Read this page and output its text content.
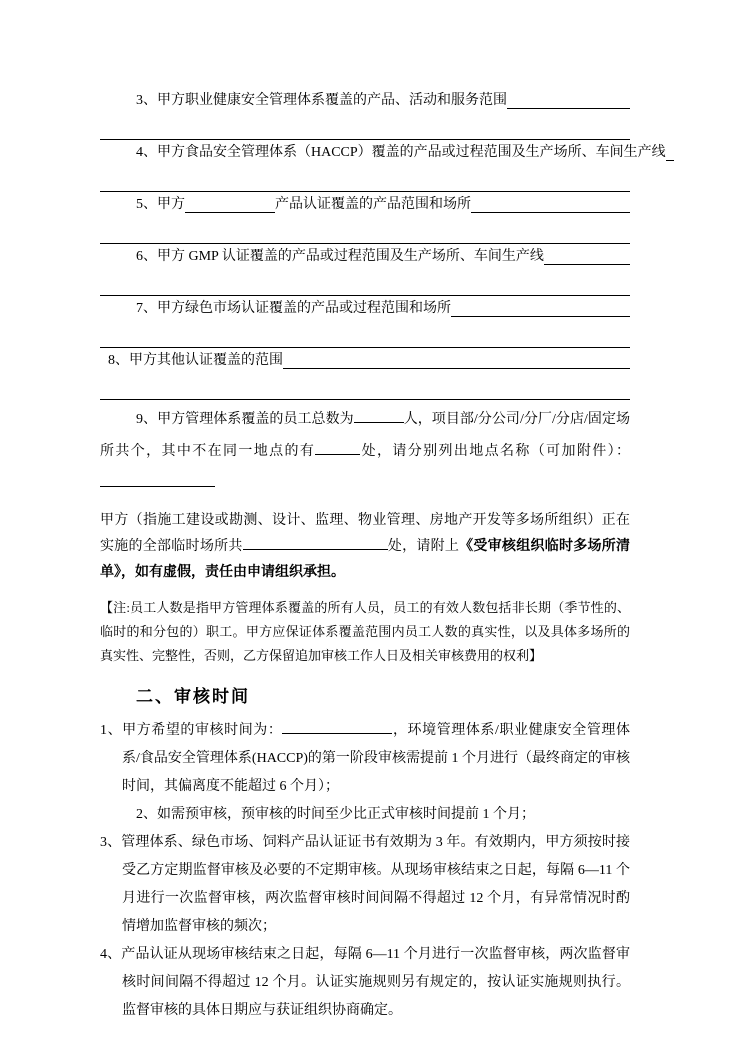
3、甲方职业健康安全管理体系覆盖的产品、活动和服务范围
4、甲方食品安全管理体系（HACCP）覆盖的产品或过程范围及生产场所、车间生产线
5、甲方	产品认证覆盖的产品范围和场所
6、甲方 GMP 认证覆盖的产品或过程范围及生产场所、车间生产线
7、甲方绿色市场认证覆盖的产品或过程范围和场所
8、甲方其他认证覆盖的范围

9、甲方管理体系覆盖的员工总数为	人，项目部/分公司/分厂/分店/固定场所共个，其中不在同一地点的有	处，请分别列出地点名称（可加附件）：

甲方（指施工建设或勘测、设计、监理、物业管理、房地产开发等多场所组织）正在实施的全部临时场所共	处，请附上《受审核组织临时多场所清单》，如有虚假，责任由申请组织承担。

【注:员工人数是指甲方管理体系覆盖的所有人员，员工的有效人数包括非长期（季节性的、临时的和分包的）职工。甲方应保证体系覆盖范围内员工人数的真实性，以及具体多场所的真实性、完整性，否则，乙方保留追加审核工作人日及相关审核费用的权利】

二、审核时间

1、甲方希望的审核时间为：	，环境管理体系/职业健康安全管理体系/食品安全管理体系(HACCP)的第一阶段审核需提前 1 个月进行（最终商定的审核时间，其偏离度不能超过 6 个月）；

2、如需预审核，预审核的时间至少比正式审核时间提前 1 个月；

3、管理体系、绿色市场、饲料产品认证证书有效期为 3 年。有效期内，甲方须按时接受乙方定期监督审核及必要的不定期审核。从现场审核结束之日起，每隔 6—11 个月进行一次监督审核，两次监督审核时间间隔不得超过 12 个月，有异常情况时酌情增加监督审核的频次；

4、产品认证从现场审核结束之日起，每隔 6—11 个月进行一次监督审核，两次监督审核时间间隔不得超过 12 个月。认证实施规则另有规定的，按认证实施规则执行。监督审核的具体日期应与获证组织协商确定。
